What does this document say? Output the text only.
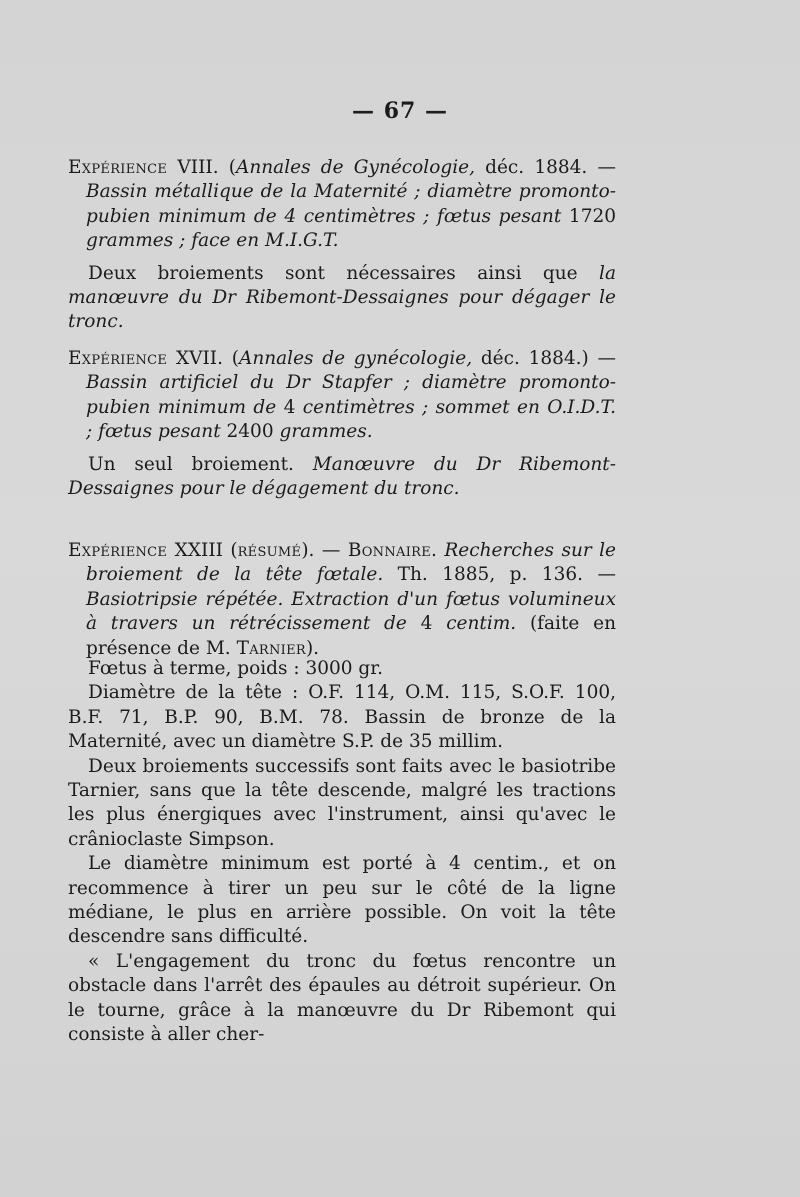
— 67 —
Expérience VIII. (Annales de Gynécologie, déc. 1884. — Bassin métallique de la Maternité ; diamètre promonto-pubien minimum de 4 centimètres ; fœtus pesant 1720 grammes ; face en M.I.G.T.
Deux broiements sont nécessaires ainsi que la manœuvre du Dr Ribemont-Dessaignes pour dégager le tronc.
Expérience XVII. (Annales de gynécologie, déc. 1884.) — Bassin artificiel du Dr Stapfer ; diamètre promonto-pubien minimum de 4 centimètres ; sommet en O.I.D.T. ; fœtus pesant 2400 grammes.
Un seul broiement. Manœuvre du Dr Ribemont-Dessaignes pour le dégagement du tronc.
Expérience XXIII (résumé). — Bonnaire. Recherches sur le broiement de la tête fœtale. Th. 1885, p. 136. — Basiotripsie répétée. Extraction d'un fœtus volumineux à travers un rétrécissement de 4 centim. (faite en présence de M. Tarnier).
Fœtus à terme, poids : 3000 gr.
Diamètre de la tête : O.F. 114, O.M. 115, S.O.F. 100, B.F. 71, B.P. 90, B.M. 78. Bassin de bronze de la Maternité, avec un diamètre S.P. de 35 millim.
Deux broiements successifs sont faits avec le basiotribe Tarnier, sans que la tête descende, malgré les tractions les plus énergiques avec l'instrument, ainsi qu'avec le crânioclaste Simpson.
Le diamètre minimum est porté à 4 centim., et on recommence à tirer un peu sur le côté de la ligne médiane, le plus en arrière possible. On voit la tête descendre sans difficulté.
« L'engagement du tronc du fœtus rencontre un obstacle dans l'arrêt des épaules au détroit supérieur. On le tourne, grâce à la manœuvre du Dr Ribemont qui consiste à aller cher-
